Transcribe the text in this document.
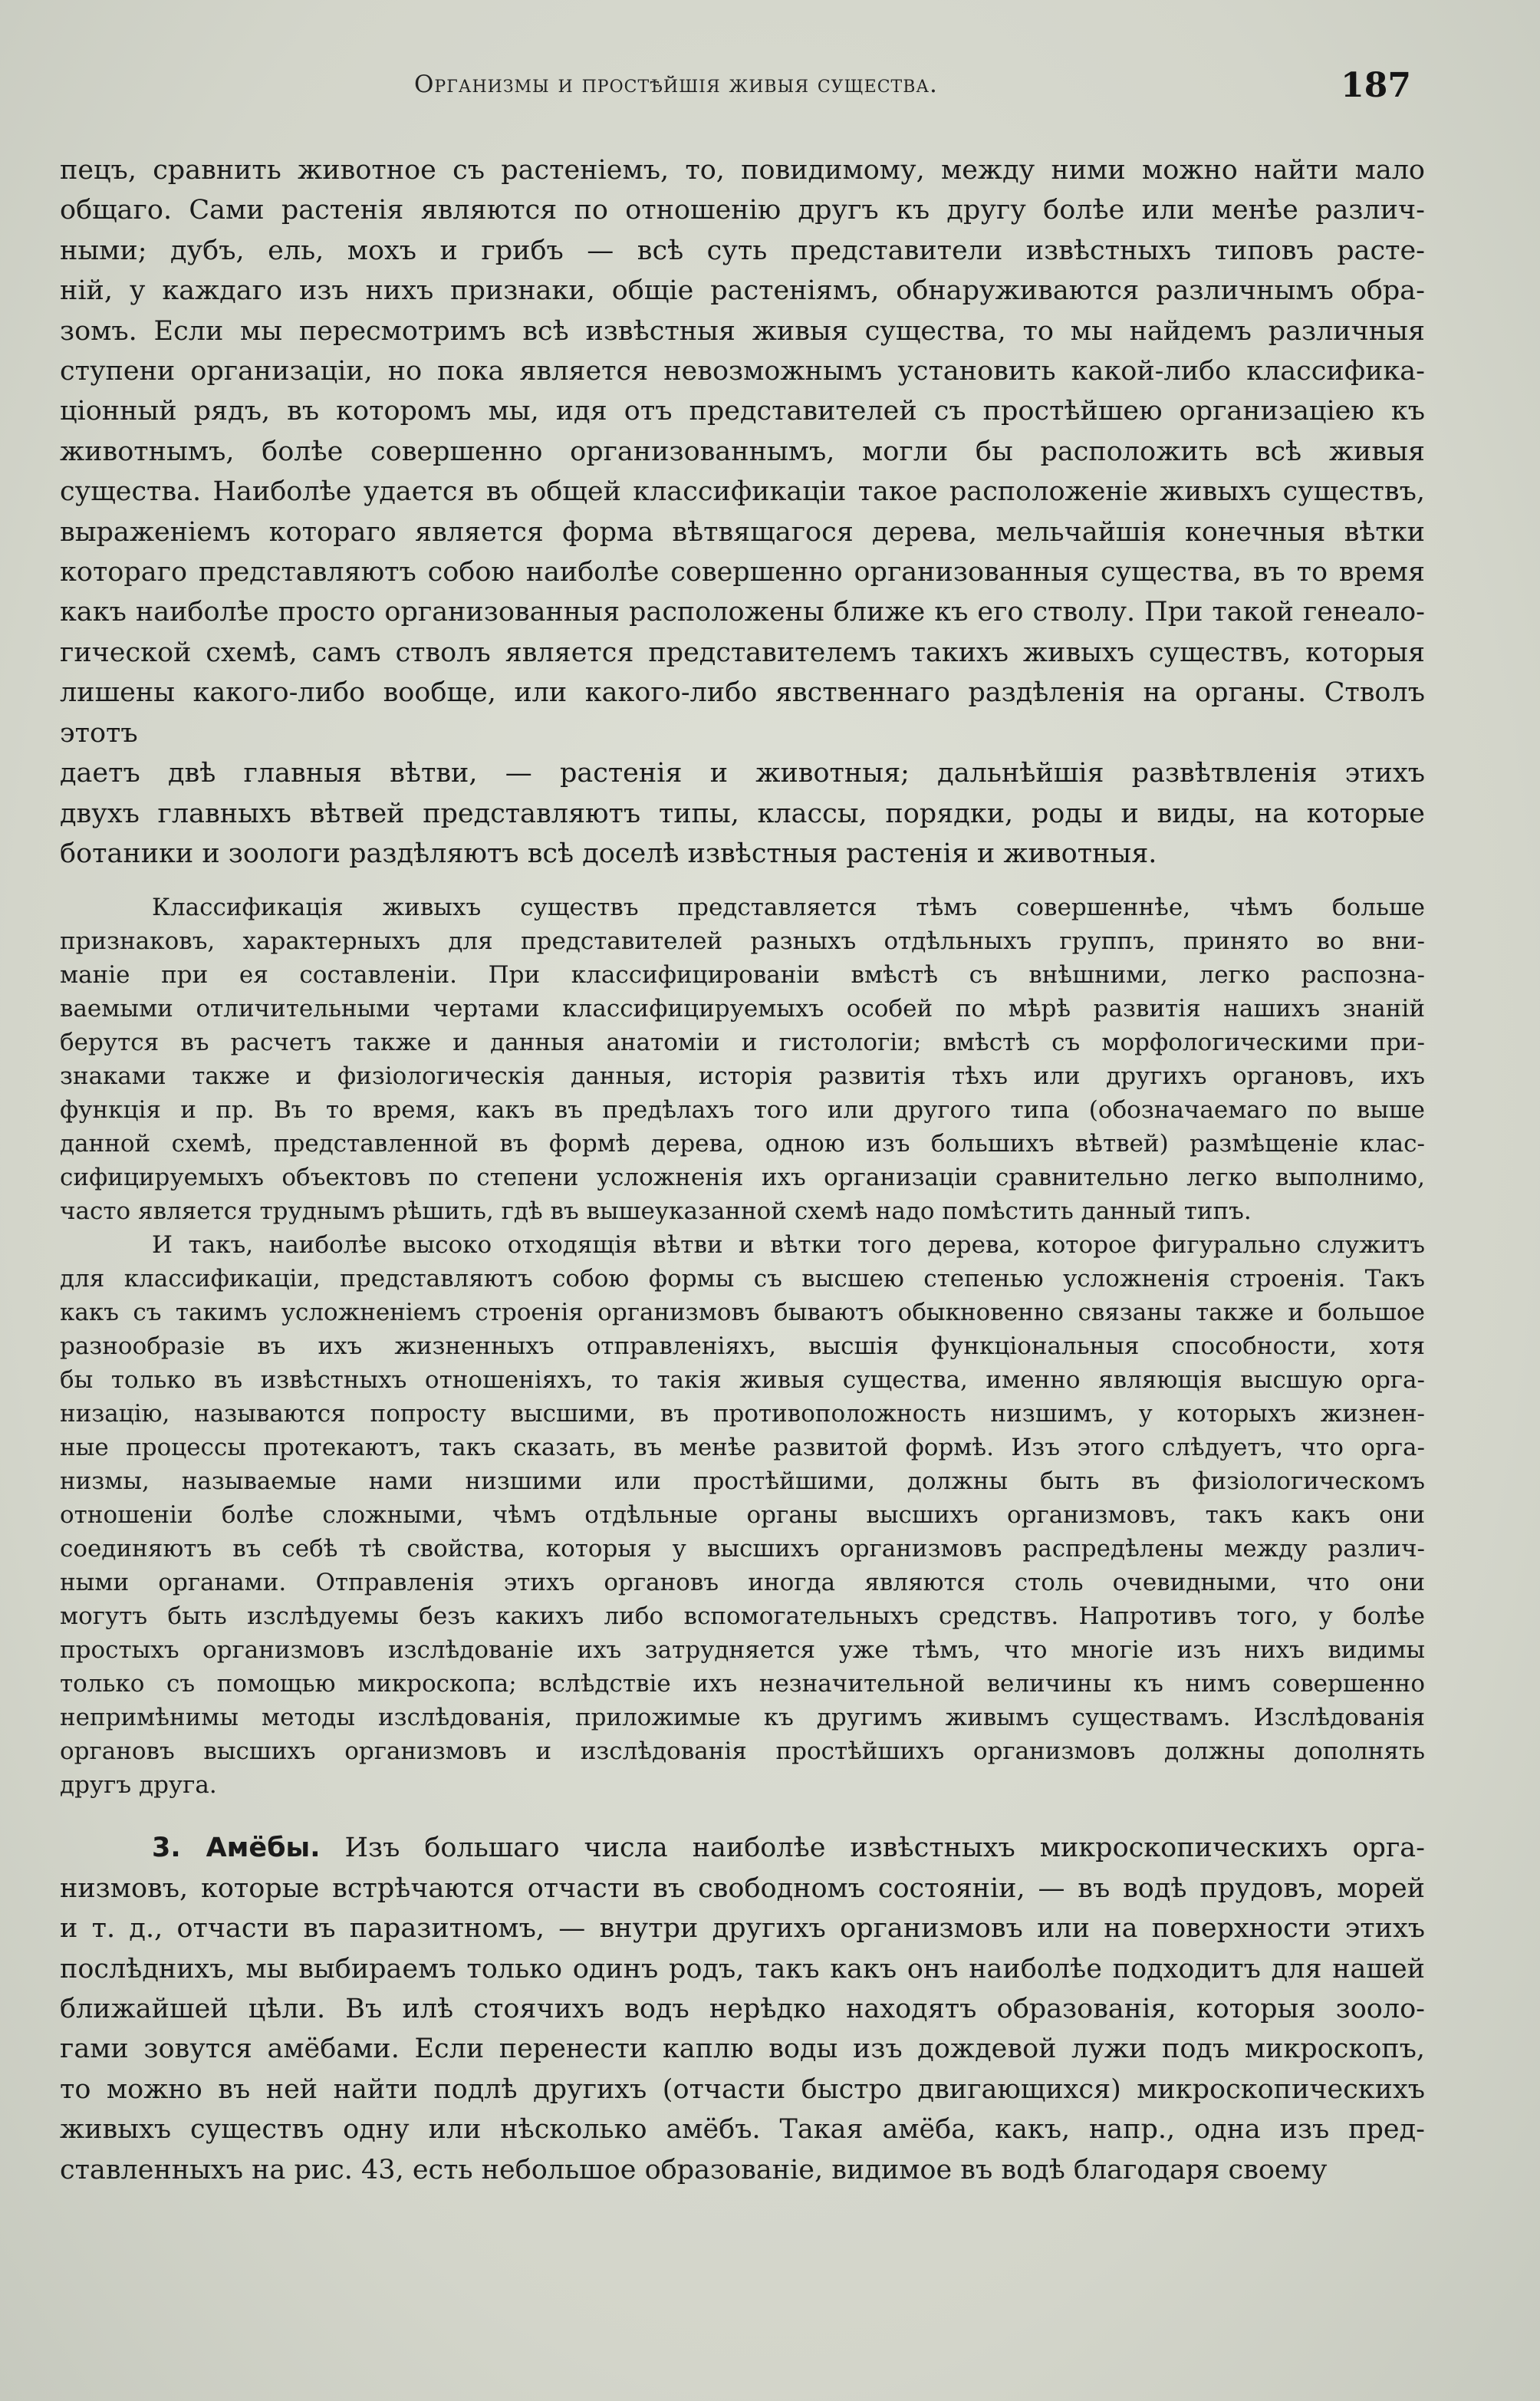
Организмы и простѣйшія живыя существа.	187
пецъ, сравнить животное съ растеніемъ, то, повидимому, между ними можно найти мало
общаго. Сами растенія являются по отношенію другъ къ другу болѣе или менѣе различ-
ными; дубъ, ель, мохъ и грибъ — всѣ суть представители извѣстныхъ типовъ расте-
ній, у каждаго изъ нихъ признаки, общіе растеніямъ, обнаруживаются различнымъ обра-
зомъ. Если мы пересмотримъ всѣ извѣстныя живыя существа, то мы найдемъ различныя
ступени организаціи, но пока является невозможнымъ установить какой-либо классифика-
ціонный рядъ, въ которомъ мы, идя отъ представителей съ простѣйшею организаціею къ
животнымъ, болѣе совершенно организованнымъ, могли бы расположить всѣ живыя
существа. Наиболѣе удается въ общей классификаціи такое расположеніе живыхъ существъ,
выраженіемъ котораго является форма вѣтвящагося дерева, мельчайшія конечныя вѣтки
котораго представляютъ собою наиболѣе совершенно организованныя существа, въ то время
какъ наиболѣе просто организованныя расположены ближе къ его стволу. При такой генеало-
гической схемѣ, самъ стволъ является представителемъ такихъ живыхъ существъ, которыя
лишены какого-либо вообще, или какого-либо явственнаго раздѣленія на органы. Стволъ этотъ
даетъ двѣ главныя вѣтви, — растенія и животныя; дальнѣйшія развѣтвленія этихъ
двухъ главныхъ вѣтвей представляютъ типы, классы, порядки, роды и виды, на которые
ботаники и зоологи раздѣляютъ всѣ доселѣ извѣстныя растенія и животныя.
Классификація живыхъ существъ представляется тѣмъ совершеннѣе, чѣмъ больше
признаковъ, характерныхъ для представителей разныхъ отдѣльныхъ группъ, принято во вни-
маніе при ея составленіи. При классифицированіи вмѣстѣ съ внѣшними, легко распозна-
ваемыми отличительными чертами классифицируемыхъ особей по мѣрѣ развитія нашихъ знаній
берутся въ расчетъ также и данныя анатоміи и гистологіи; вмѣстѣ съ морфологическими при-
знаками также и физіологическія данныя, исторія развитія тѣхъ или другихъ органовъ, ихъ
функція и пр. Въ то время, какъ въ предѣлахъ того или другого типа (обозначаемаго по выше
данной схемѣ, представленной въ формѣ дерева, одною изъ большихъ вѣтвей) размѣщеніе клас-
сифицируемыхъ объектовъ по степени усложненія ихъ организаціи сравнительно легко выполнимо,
часто является труднымъ рѣшить, гдѣ въ вышеуказанной схемѣ надо помѣстить данный типъ.
И такъ, наиболѣе высоко отходящія вѣтви и вѣтки того дерева, которое фигурально служитъ
для классификаціи, представляютъ собою формы съ высшею степенью усложненія строенія. Такъ
какъ съ такимъ усложненіемъ строенія организмовъ бываютъ обыкновенно связаны также и большое
разнообразіе въ ихъ жизненныхъ отправленіяхъ, высшія функціональныя способности, хотя
бы только въ извѣстныхъ отношеніяхъ, то такія живыя существа, именно являющія высшую орга-
низацію, называются попросту высшими, въ противоположность низшимъ, у которыхъ жизнен-
ные процессы протекаютъ, такъ сказать, въ менѣе развитой формѣ. Изъ этого слѣдуетъ, что орга-
низмы, называемые нами низшими или простѣйшими, должны быть въ физіологическомъ
отношеніи болѣе сложными, чѣмъ отдѣльные органы высшихъ организмовъ, такъ какъ они
соединяютъ въ себѣ тѣ свойства, которыя у высшихъ организмовъ распредѣлены между различ-
ными органами. Отправленія этихъ органовъ иногда являются столь очевидными, что они
могутъ быть изслѣдуемы безъ какихъ либо вспомогательныхъ средствъ. Напротивъ того, у болѣе
простыхъ организмовъ изслѣдованіе ихъ затрудняется уже тѣмъ, что многіе изъ нихъ видимы
только съ помощью микроскопа; вслѣдствіе ихъ незначительной величины къ нимъ совершенно
непримѣнимы методы изслѣдованія, приложимые къ другимъ живымъ существамъ. Изслѣдованія
органовъ высшихъ организмовъ и изслѣдованія простѣйшихъ организмовъ должны дополнять
другъ друга.
3. Амёбы. Изъ большаго числа наиболѣе извѣстныхъ микроскопическихъ орга-
низмовъ, которые встрѣчаются отчасти въ свободномъ состояніи, — въ водѣ прудовъ, морей
и т. д., отчасти въ паразитномъ, — внутри другихъ организмовъ или на поверхности этихъ
послѣднихъ, мы выбираемъ только одинъ родъ, такъ какъ онъ наиболѣе подходитъ для нашей
ближайшей цѣли. Въ илѣ стоячихъ водъ нерѣдко находятъ образованія, которыя зооло-
гами зовутся амёбами. Если перенести каплю воды изъ дождевой лужи подъ микроскопъ,
то можно въ ней найти подлѣ другихъ (отчасти быстро двигающихся) микроскопическихъ
живыхъ существъ одну или нѣсколько амёбъ. Такая амёба, какъ, напр., одна изъ пред-
ставленныхъ на рис. 43, есть небольшое образованіе, видимое въ водѣ благодаря своему
